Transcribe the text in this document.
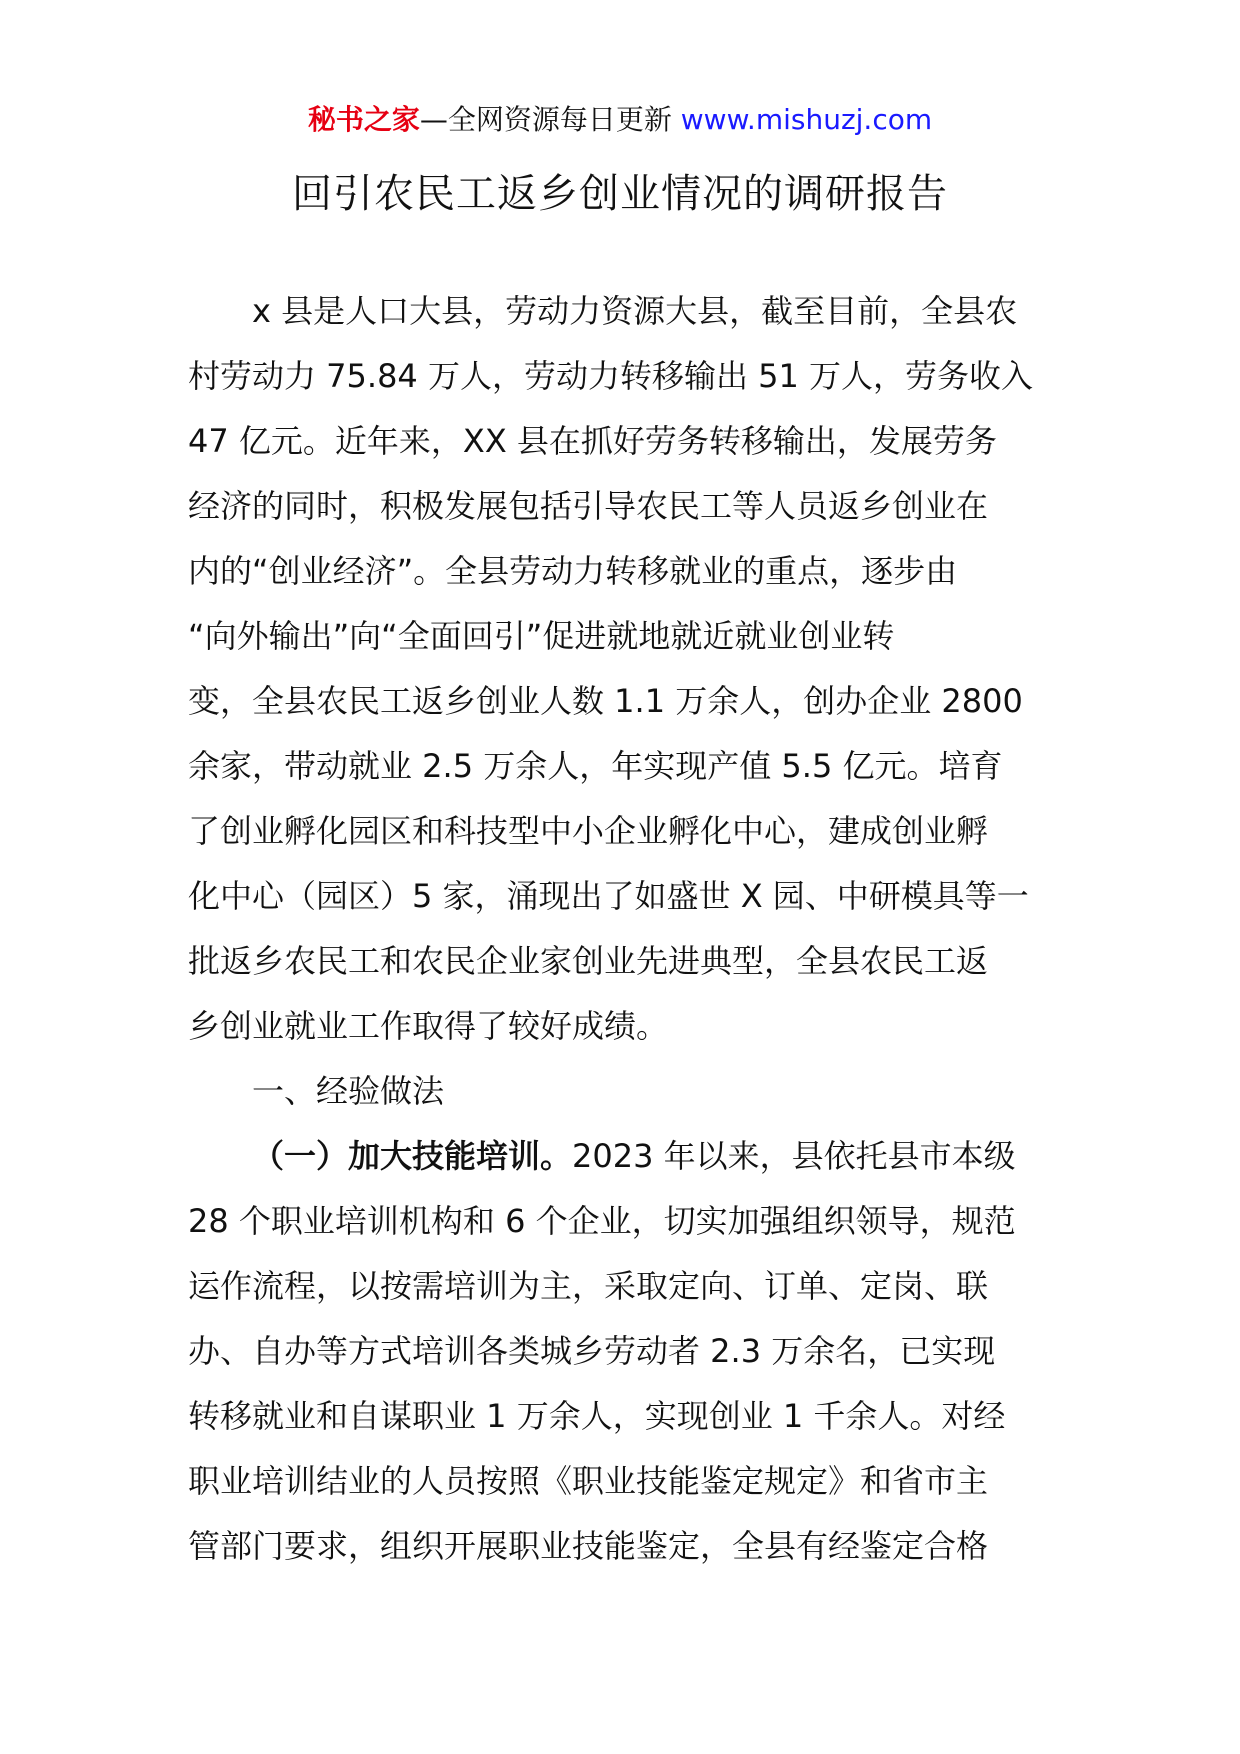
秘书之家—全网资源每日更新 www.mishuzj.com
回引农民工返乡创业情况的调研报告
x 县是人口大县，劳动力资源大县，截至目前，全县农
村劳动力 75.84 万人，劳动力转移输出 51 万人，劳务收入
47 亿元。近年来，XX 县在抓好劳务转移输出，发展劳务
经济的同时，积极发展包括引导农民工等人员返乡创业在
内的“创业经济”。全县劳动力转移就业的重点，逐步由
“向外输出”向“全面回引”促进就地就近就业创业转
变，全县农民工返乡创业人数 1.1 万余人，创办企业 2800
余家，带动就业 2.5 万余人，年实现产值 5.5 亿元。培育
了创业孵化园区和科技型中小企业孵化中心，建成创业孵
化中心（园区）5 家，涌现出了如盛世 X 园、中研模具等一
批返乡农民工和农民企业家创业先进典型，全县农民工返
乡创业就业工作取得了较好成绩。
一、经验做法
（一）加大技能培训。2023 年以来，县依托县市本级
28 个职业培训机构和 6 个企业，切实加强组织领导，规范
运作流程，以按需培训为主，采取定向、订单、定岗、联
办、自办等方式培训各类城乡劳动者 2.3 万余名，已实现
转移就业和自谋职业 1 万余人，实现创业 1 千余人。对经
职业培训结业的人员按照《职业技能鉴定规定》和省市主
管部门要求，组织开展职业技能鉴定，全县有经鉴定合格
